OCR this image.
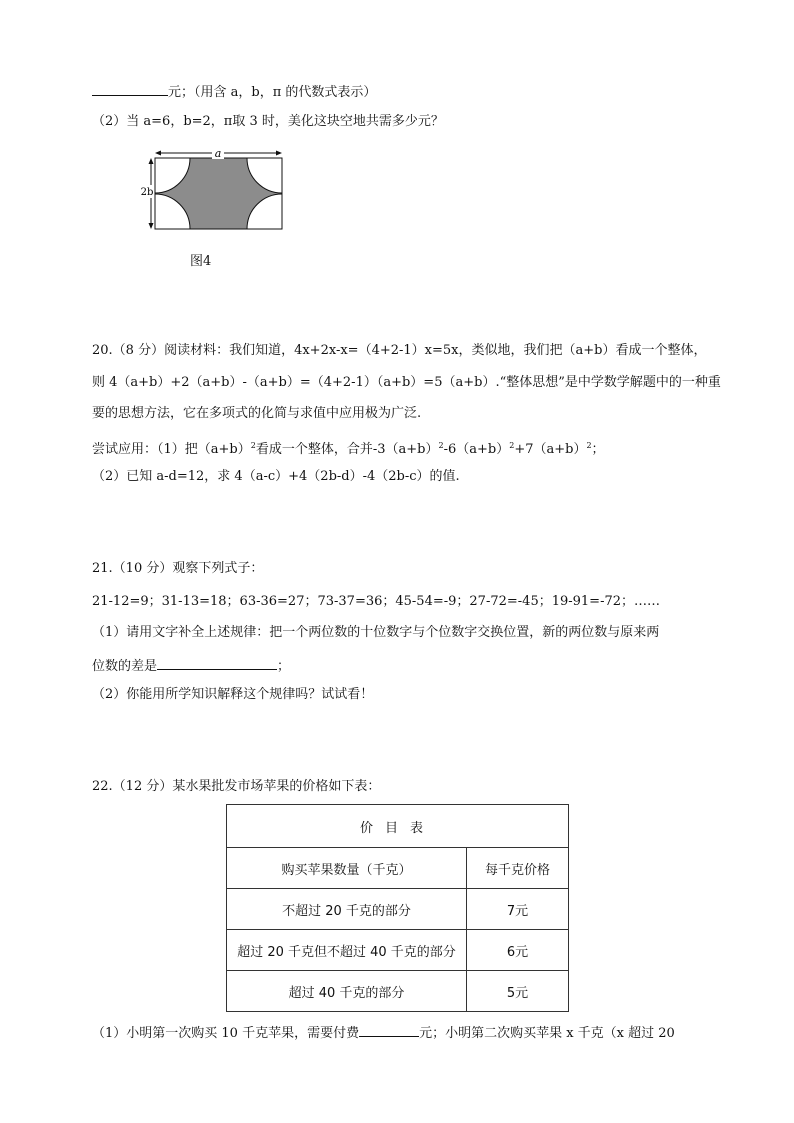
元；（用含 a，b，π 的代数式表示）
（2）当 a=6，b=2，π取 3 时，美化这块空地共需多少元？
a
2b
图4
20.（8 分）阅读材料：我们知道，4x+2x-x=（4+2-1）x=5x，类似地，我们把（a+b）看成一个整体，
则 4（a+b）+2（a+b）-（a+b）=（4+2-1）（a+b）=5（a+b）.“整体思想”是中学数学解题中的一种重
要的思想方法，它在多项式的化简与求值中应用极为广泛.
尝试应用：（1）把$(a+b)^2$看成一个整体，合并$-3(a+b)^2-6(a+b)^2+7(a+b)^2$；
（2）已知 a-d=12，求 4（a-c）+4（2b-d）-4（2b-c）的值.
21.（10 分）观察下列式子：
21-12=9；31-13=18；63-36=27；73-37=36；45-54=-9；27-72=-45；19-91=-72；……
（1）请用文字补全上述规律：把一个两位数的十位数字与个位数字交换位置，新的两位数与原来两
位数的差是	；
（2）你能用所学知识解释这个规律吗？试试看！
22.（12 分）某水果批发市场苹果的价格如下表：
价目表	
购买苹果数量（千克）	每千克价格
不超过 20 千克的部分	7元
超过 20 千克但不超过 40 千克的部分	6元
超过 40 千克的部分	5元
（1）小明第一次购买 10 千克苹果，需要付费	元；小明第二次购买苹果 x 千克（x 超过 20
